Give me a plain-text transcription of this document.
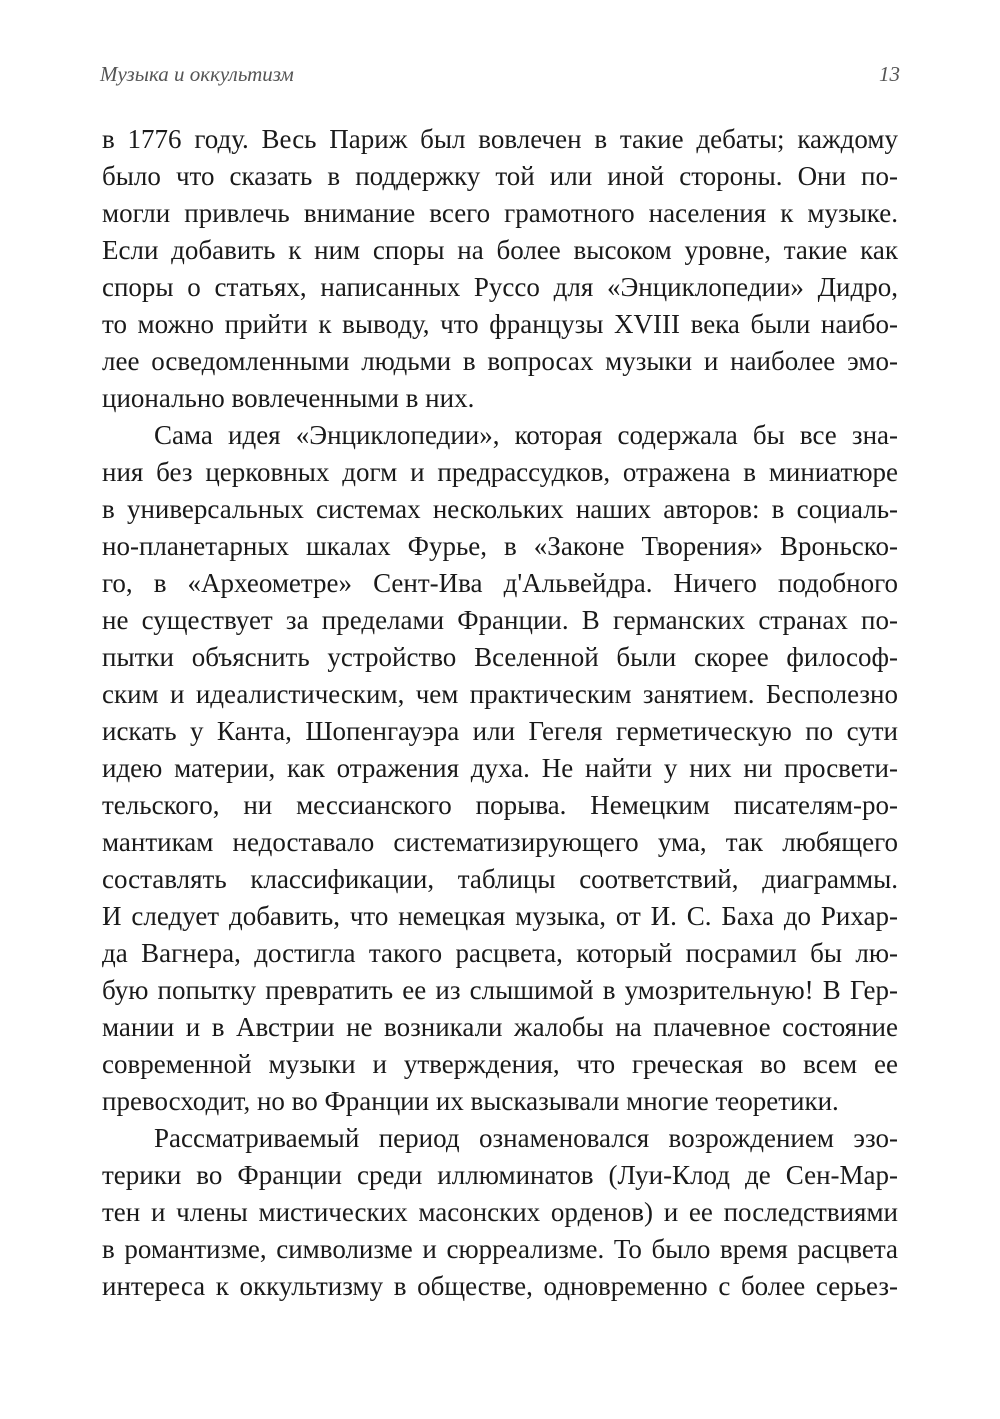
Музыка и оккультизм	13
в 1776 году. Весь Париж был вовлечен в такие дебаты; каждому
было что сказать в поддержку той или иной стороны. Они по-
могли привлечь внимание всего грамотного населения к музыке.
Если добавить к ним споры на более высоком уровне, такие как
споры о статьях, написанных Руссо для «Энциклопедии» Дидро,
то можно прийти к выводу, что французы XVIII века были наибо-
лее осведомленными людьми в вопросах музыки и наиболее эмо-
ционально вовлеченными в них.
Сама идея «Энциклопедии», которая содержала бы все зна-
ния без церковных догм и предрассудков, отражена в миниатюре
в универсальных системах нескольких наших авторов: в социаль-
но-планетарных шкалах Фурье, в «Законе Творения» Вроньско-
го, в «Археометре» Сент-Ива д'Альвейдра. Ничего подобного
не существует за пределами Франции. В германских странах по-
пытки объяснить устройство Вселенной были скорее философ-
ским и идеалистическим, чем практическим занятием. Бесполезно
искать у Канта, Шопенгауэра или Гегеля герметическую по сути
идею материи, как отражения духа. Не найти у них ни просвети-
тельского, ни мессианского порыва. Немецким писателям-ро-
мантикам недоставало систематизирующего ума, так любящего
составлять классификации, таблицы соответствий, диаграммы.
И следует добавить, что немецкая музыка, от И. С. Баха до Рихар-
да Вагнера, достигла такого расцвета, который посрамил бы лю-
бую попытку превратить ее из слышимой в умозрительную! В Гер-
мании и в Австрии не возникали жалобы на плачевное состояние
современной музыки и утверждения, что греческая во всем ее
превосходит, но во Франции их высказывали многие теоретики.
Рассматриваемый период ознаменовался возрождением эзо-
терики во Франции среди иллюминатов (Луи-Клод де Сен-Мар-
тен и члены мистических масонских орденов) и ее последствиями
в романтизме, символизме и сюрреализме. То было время расцвета
интереса к оккультизму в обществе, одновременно с более серьез-
